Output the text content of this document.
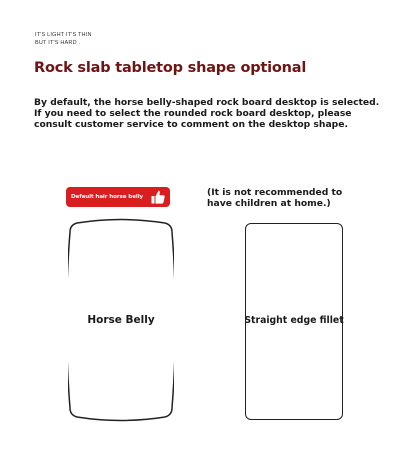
IT'S LIGHT IT'S THIN
BUT IT'S HARD .
Rock slab tabletop shape optional
By default, the horse belly-shaped rock board desktop is selected. If you need to select the rounded rock board desktop, please consult customer service to comment on the desktop shape.
Default hair horse belly	(It is not recommended to have children at home.)
Horse Belly	Straight edge fillet
